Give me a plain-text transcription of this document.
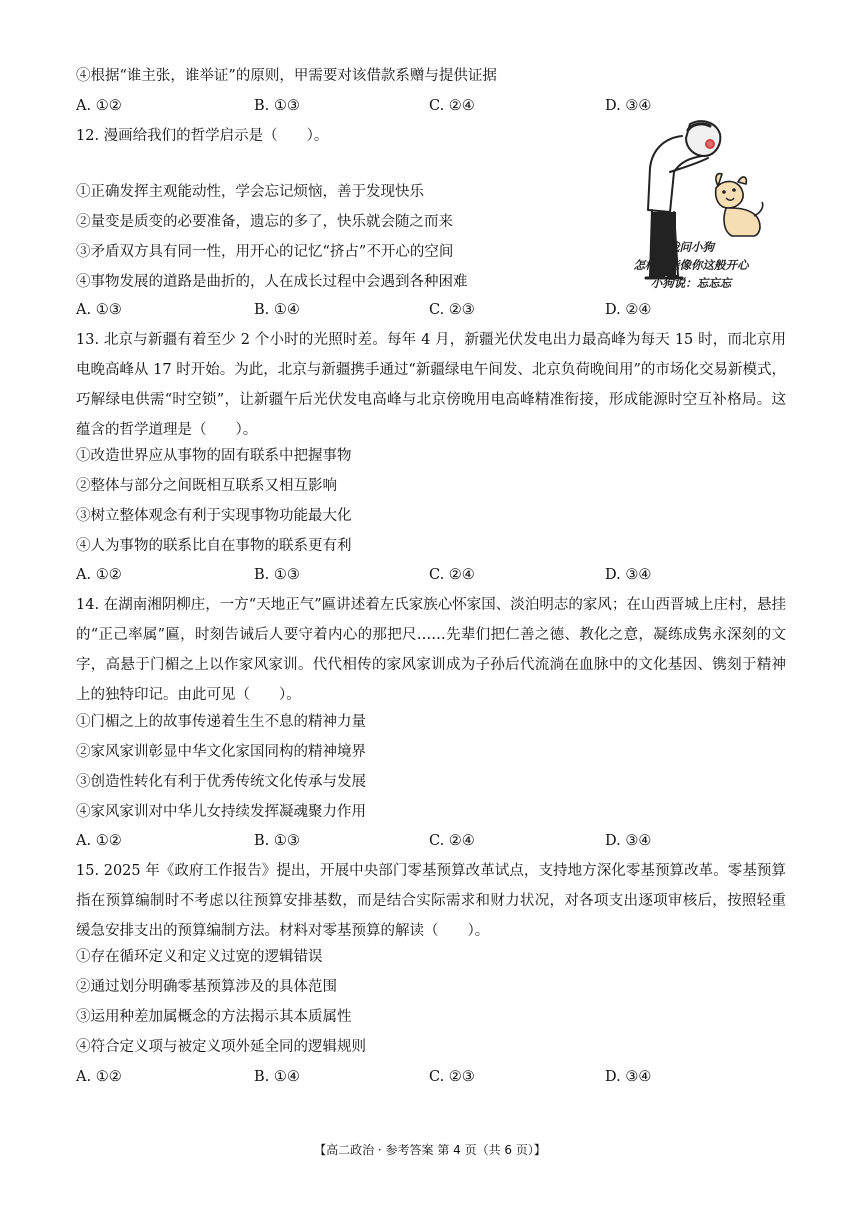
④根据“谁主张，谁举证”的原则，甲需要对该借款系赠与提供证据
A. ①②	B. ①③	C. ②④	D. ③④
12. 漫画给我们的哲学启示是（　　）。
①正确发挥主观能动性，学会忘记烦恼，善于发现快乐
②量变是质变的必要准备，遗忘的多了，快乐就会随之而来
③矛盾双方具有同一性，用开心的记忆“挤占”不开心的空间
④事物发展的道路是曲折的，人在成长过程中会遇到各种困难
A. ①③	B. ①④	C. ②③	D. ②④
我问小狗
怎样才能像你这般开心
小狗说：忘忘忘
13. 北京与新疆有着至少 2 个小时的光照时差。每年 4 月，新疆光伏发电出力最高峰为每天 15 时，而北京用电晚高峰从 17 时开始。为此，北京与新疆携手通过“新疆绿电午间发、北京负荷晚间用”的市场化交易新模式，巧解绿电供需“时空锁”，让新疆午后光伏发电高峰与北京傍晚用电高峰精准衔接，形成能源时空互补格局。这蕴含的哲学道理是（　　）。
①改造世界应从事物的固有联系中把握事物
②整体与部分之间既相互联系又相互影响
③树立整体观念有利于实现事物功能最大化
④人为事物的联系比自在事物的联系更有利
A. ①②	B. ①③	C. ②④	D. ③④
14. 在湖南湘阴柳庄，一方“天地正气”匾讲述着左氏家族心怀家国、淡泊明志的家风；在山西晋城上庄村，悬挂的“正己率属”匾，时刻告诫后人要守着内心的那把尺……先辈们把仁善之德、教化之意，凝练成隽永深刻的文字，高悬于门楣之上以作家风家训。代代相传的家风家训成为子孙后代流淌在血脉中的文化基因、镌刻于精神上的独特印记。由此可见（　　）。
①门楣之上的故事传递着生生不息的精神力量
②家风家训彰显中华文化家国同构的精神境界
③创造性转化有利于优秀传统文化传承与发展
④家风家训对中华儿女持续发挥凝魂聚力作用
A. ①②	B. ①③	C. ②④	D. ③④
15. 2025 年《政府工作报告》提出，开展中央部门零基预算改革试点，支持地方深化零基预算改革。零基预算指在预算编制时不考虑以往预算安排基数，而是结合实际需求和财力状况，对各项支出逐项审核后，按照轻重缓急安排支出的预算编制方法。材料对零基预算的解读（　　）。
①存在循环定义和定义过宽的逻辑错误
②通过划分明确零基预算涉及的具体范围
③运用种差加属概念的方法揭示其本质属性
④符合定义项与被定义项外延全同的逻辑规则
A. ①②	B. ①④	C. ②③	D. ③④
【高二政治 · 参考答案 第 4 页（共 6 页）】
